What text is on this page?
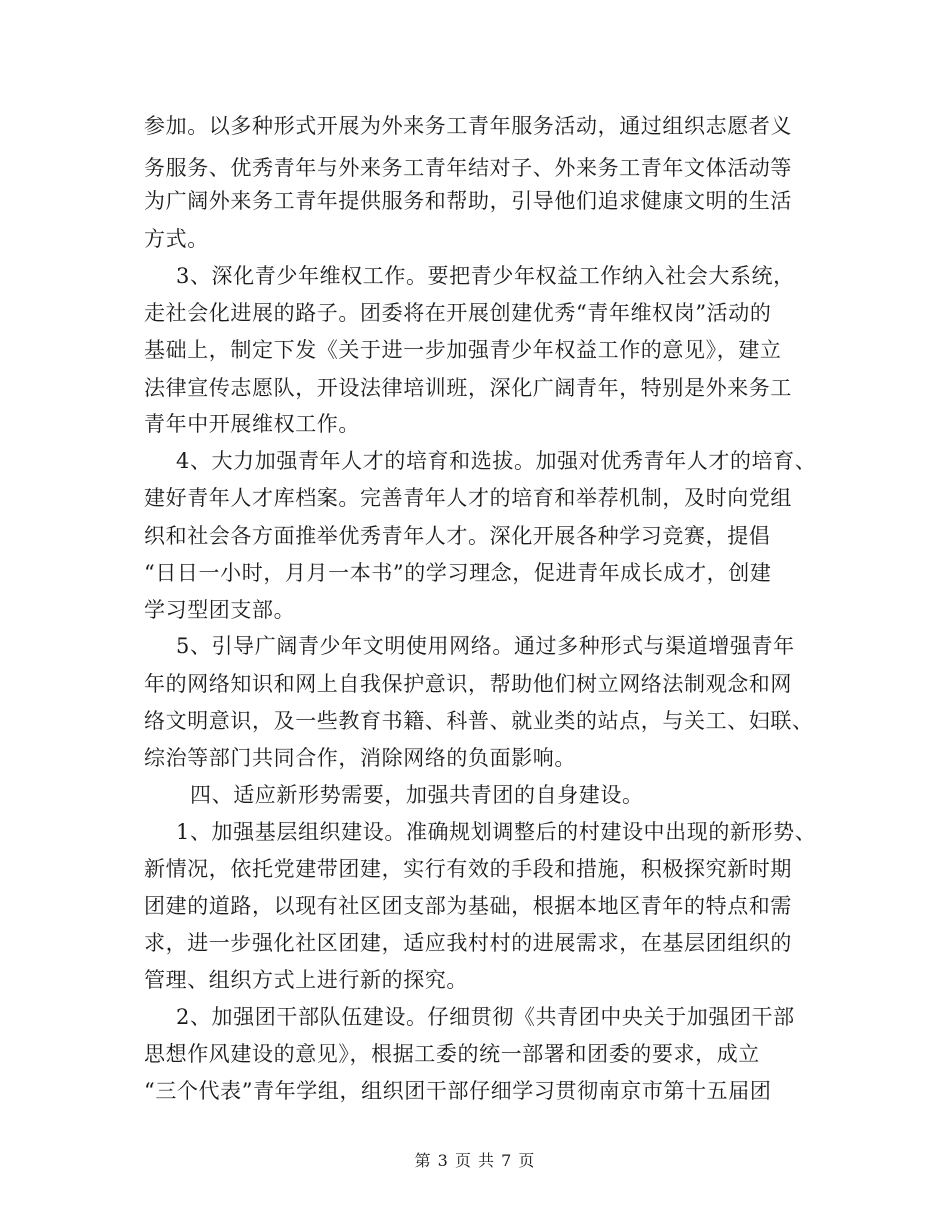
参加。以多种形式开展为外来务工青年服务活动，通过组织志愿者义
务服务、优秀青年与外来务工青年结对子、外来务工青年文体活动等
为广阔外来务工青年提供服务和帮助，引导他们追求健康文明的生活
方式。
3、深化青少年维权工作。要把青少年权益工作纳入社会大系统，
走社会化进展的路子。团委将在开展创建优秀“青年维权岗”活动的
基础上，制定下发《关于进一步加强青少年权益工作的意见》，建立
法律宣传志愿队，开设法律培训班，深化广阔青年，特别是外来务工
青年中开展维权工作。
4、大力加强青年人才的培育和选拔。加强对优秀青年人才的培育、
建好青年人才库档案。完善青年人才的培育和举荐机制，及时向党组
织和社会各方面推举优秀青年人才。深化开展各种学习竞赛，提倡
“日日一小时，月月一本书”的学习理念，促进青年成长成才，创建
学习型团支部。
5、引导广阔青少年文明使用网络。通过多种形式与渠道增强青年
年的网络知识和网上自我保护意识，帮助他们树立网络法制观念和网
络文明意识，及一些教育书籍、科普、就业类的站点，与关工、妇联、
综治等部门共同合作，消除网络的负面影响。
四、适应新形势需要，加强共青团的自身建设。
1、加强基层组织建设。准确规划调整后的村建设中出现的新形势、
新情况，依托党建带团建，实行有效的手段和措施，积极探究新时期
团建的道路，以现有社区团支部为基础，根据本地区青年的特点和需
求，进一步强化社区团建，适应我村村的进展需求，在基层团组织的
管理、组织方式上进行新的探究。
2、加强团干部队伍建设。仔细贯彻《共青团中央关于加强团干部
思想作风建设的意见》，根据工委的统一部署和团委的要求，成立
“三个代表”青年学组，组织团干部仔细学习贯彻南京市第十五届团
第 3 页 共 7 页
